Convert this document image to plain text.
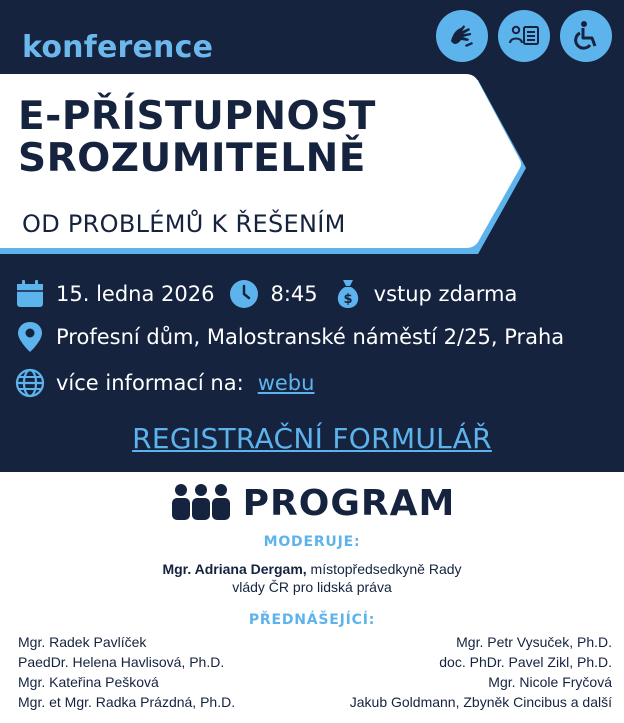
konference
E-PŘÍSTUPNOST
SROZUMITELNĚ
OD PROBLÉMŮ K ŘEŠENÍM
15. ledna 2026	8:45 $ vstup zdarma
Profesní dům, Malostranské náměstí 2/25, Praha
více informací na: webu
REGISTRAČNÍ FORMULÁŘ
PROGRAM
MODERUJE:
Mgr. Adriana Dergam, místopředsedkyně Rady
vlády ČR pro lidská práva
PŘEDNÁŠEJÍCÍ:
Mgr. Radek Pavlíček
PaedDr. Helena Havlisová, Ph.D.
Mgr. Kateřina Pešková
Mgr. et Mgr. Radka Prázdná, Ph.D.
Mgr. Petr Vysuček, Ph.D.
doc. PhDr. Pavel Zikl, Ph.D.
Mgr. Nicole Fryčová
Jakub Goldmann, Zbyněk Cincibus a další
